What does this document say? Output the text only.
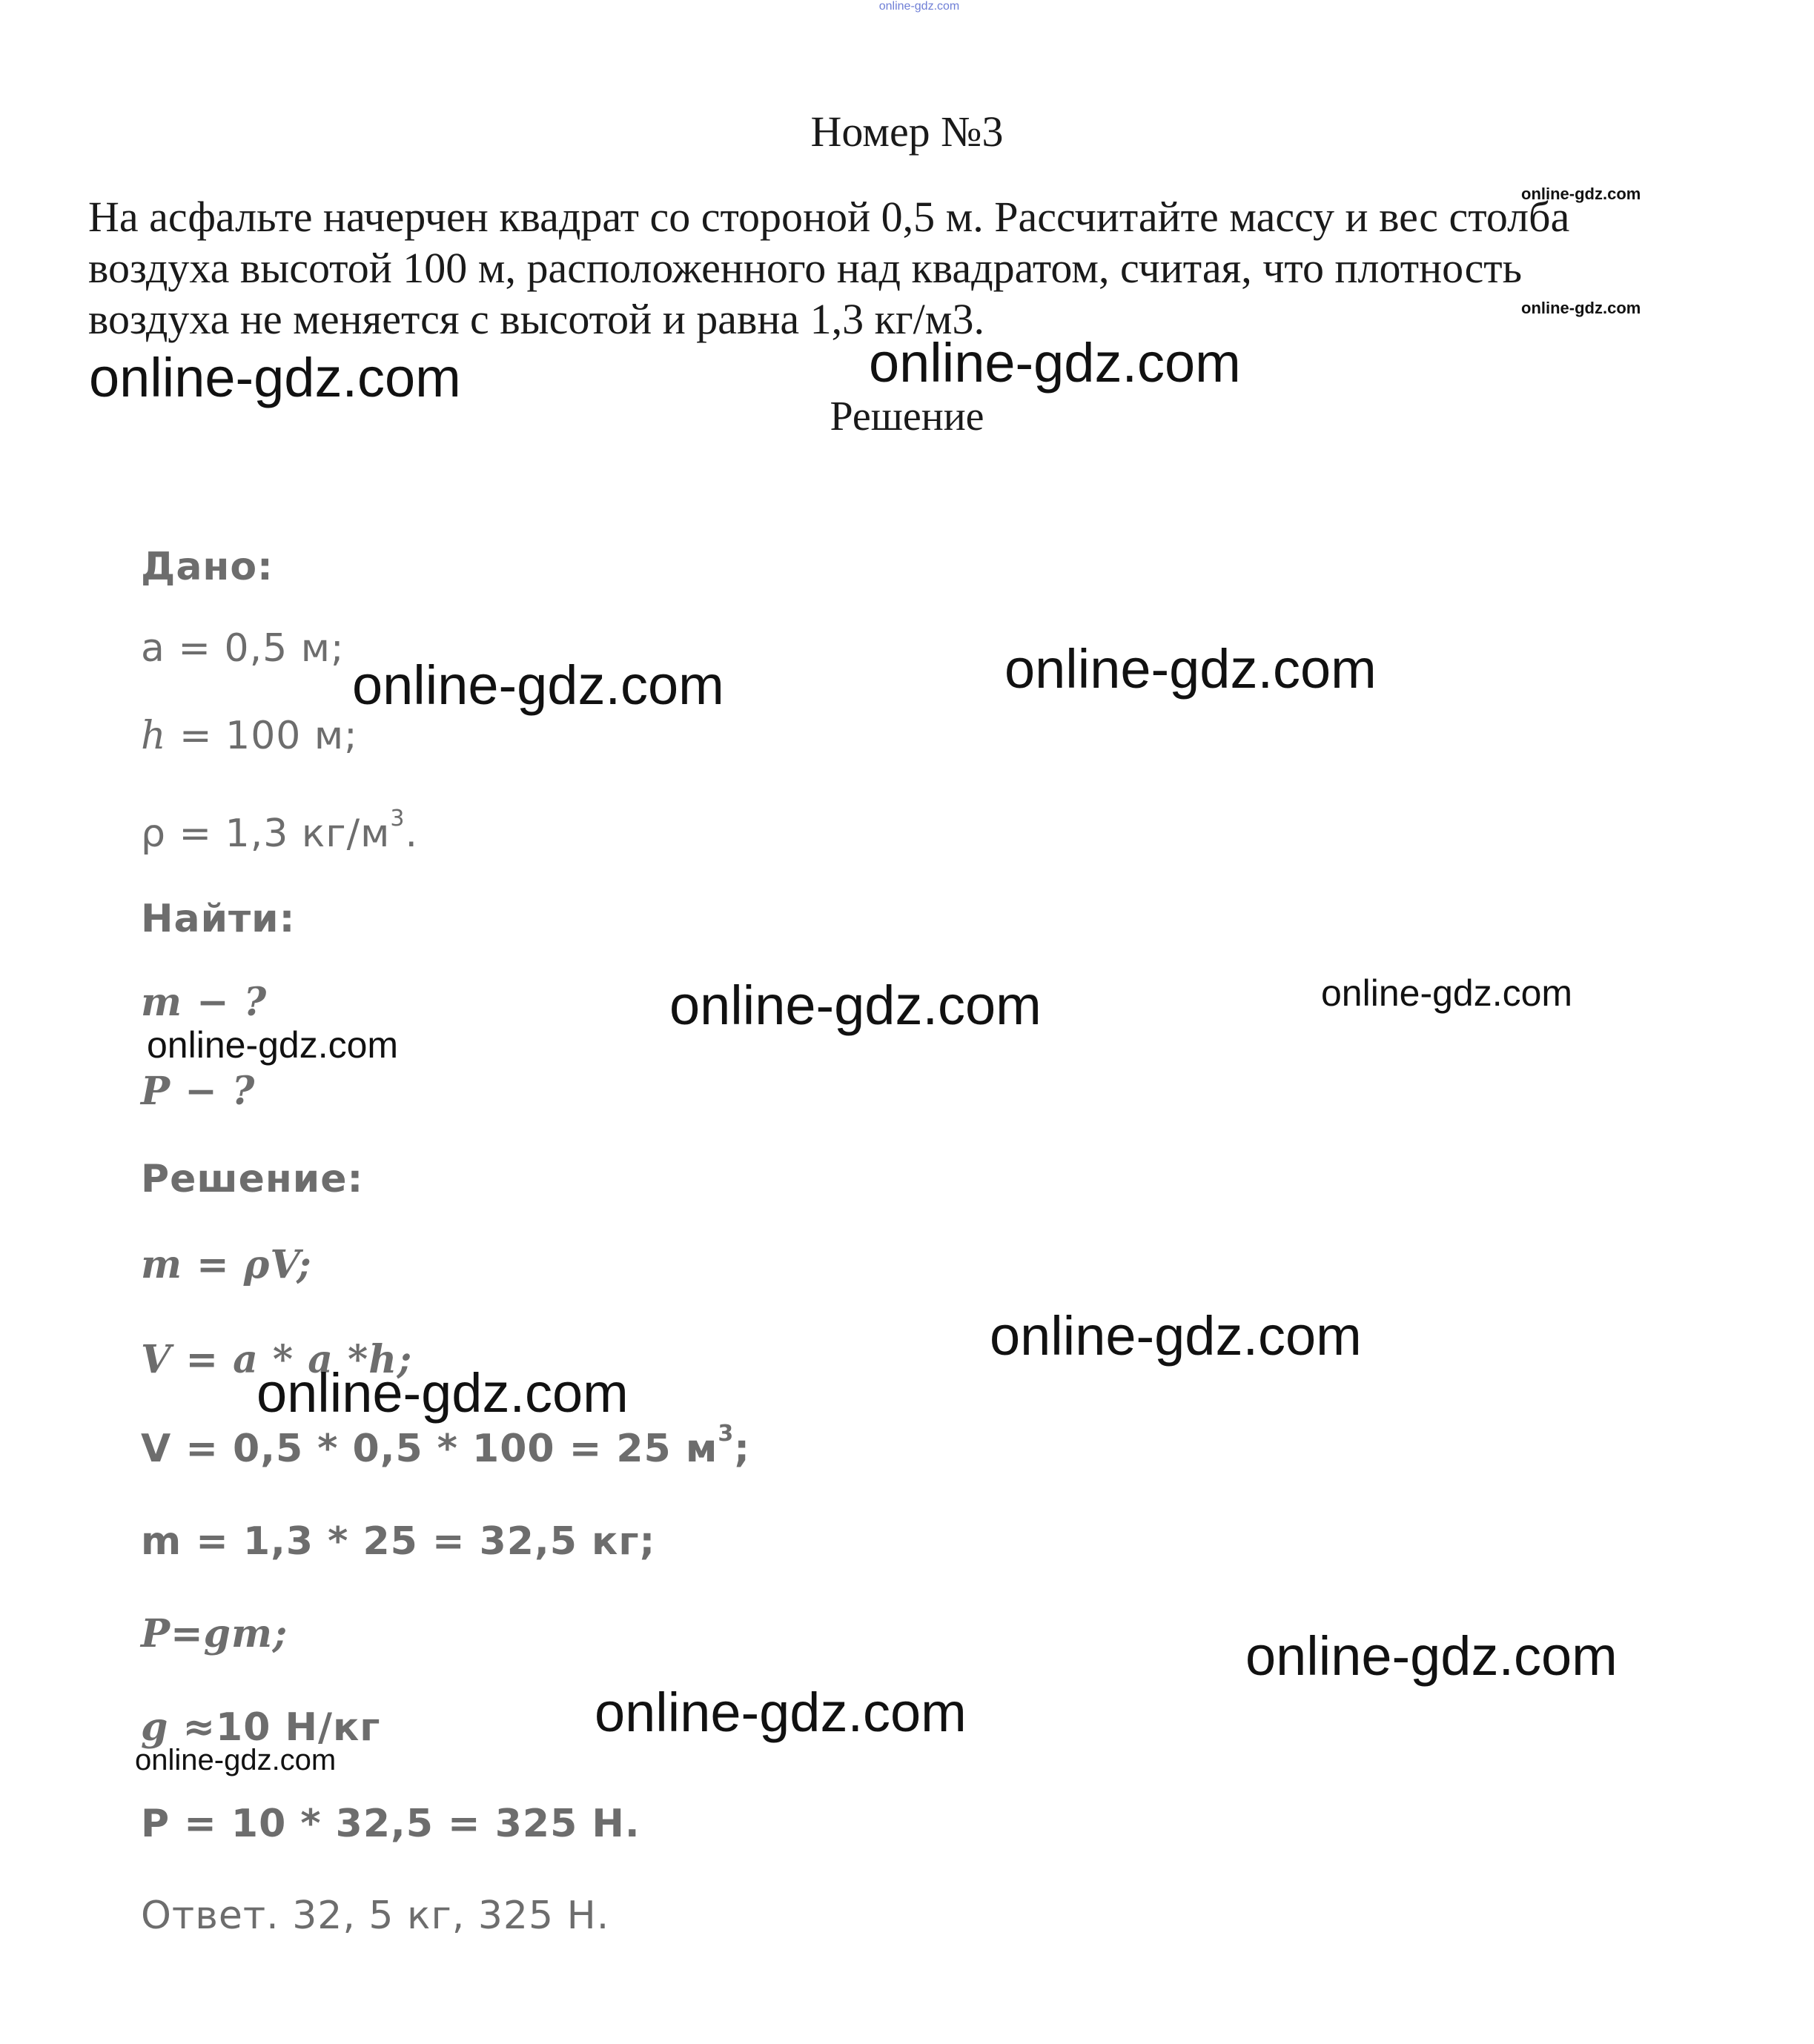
online-gdz.com
Номер №3
На асфальте начерчен квадрат со стороной 0,5 м. Рассчитайте массу и вес столба
воздуха высотой 100 м, расположенного над квадратом, считая, что плотность
воздуха не меняется с высотой и равна 1,3 кг/м3.
Решение
Дано:
a = 0,5 м;
h = 100 м;
ρ = 1,3 $кг/м^3$.
Найти:
m − ?
P − ?
Решение:
m = ρV;
V = a * a *h;
V = 0,5 * 0,5 * 100 = 25 $м^3$;
m = 1,3 * 25 = 32,5 кг;
P=gm;
g ≈10 Н/кг
P = 10 * 32,5 = 325 Н.
Ответ. 32, 5 кг, 325 Н.
online-gdz.com
online-gdz.com
online-gdz.com	online-gdz.com
online-gdz.com	online-gdz.com
online-gdz.com	online-gdz.com
online-gdz.com
online-gdz.com
online-gdz.com
online-gdz.com
online-gdz.com
online-gdz.com
